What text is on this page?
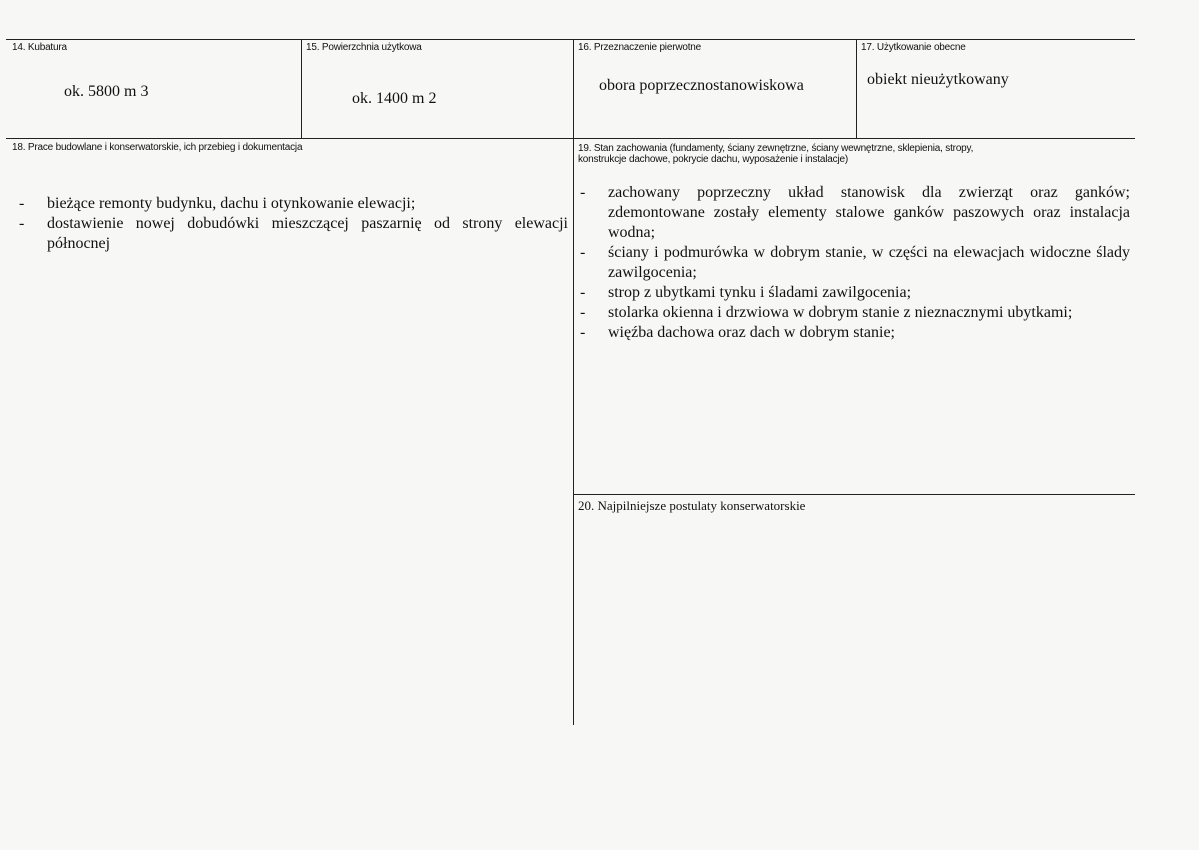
14. Kubatura
ok. 5800 m 3
15. Powierzchnia użytkowa
ok. 1400 m 2
16. Przeznaczenie pierwotne
obora poprzecznostanowiskowa
17. Użytkowanie obecne
obiekt nieużytkowany
18. Prace budowlane i konserwatorskie, ich przebieg i dokumentacja
- bieżące remonty budynku, dachu i otynkowanie elewacji;
- dostawienie nowej dobudówki mieszczącej paszarnię od strony elewacji północnej
19. Stan zachowania (fundamenty, ściany zewnętrzne, ściany wewnętrzne, sklepienia, stropy,
konstrukcje dachowe, pokrycie dachu, wyposażenie i instalacje)
- zachowany poprzeczny układ stanowisk dla zwierząt oraz ganków; zdemontowane zostały elementy stalowe ganków paszowych oraz instalacja wodna;
- ściany i podmurówka w dobrym stanie, w części na elewacjach widoczne ślady zawilgocenia;
- strop z ubytkami tynku i śladami zawilgocenia;
- stolarka okienna i drzwiowa w dobrym stanie z nieznacznymi ubytkami;
- więźba dachowa oraz dach w dobrym stanie;
20. Najpilniejsze postulaty konserwatorskie
